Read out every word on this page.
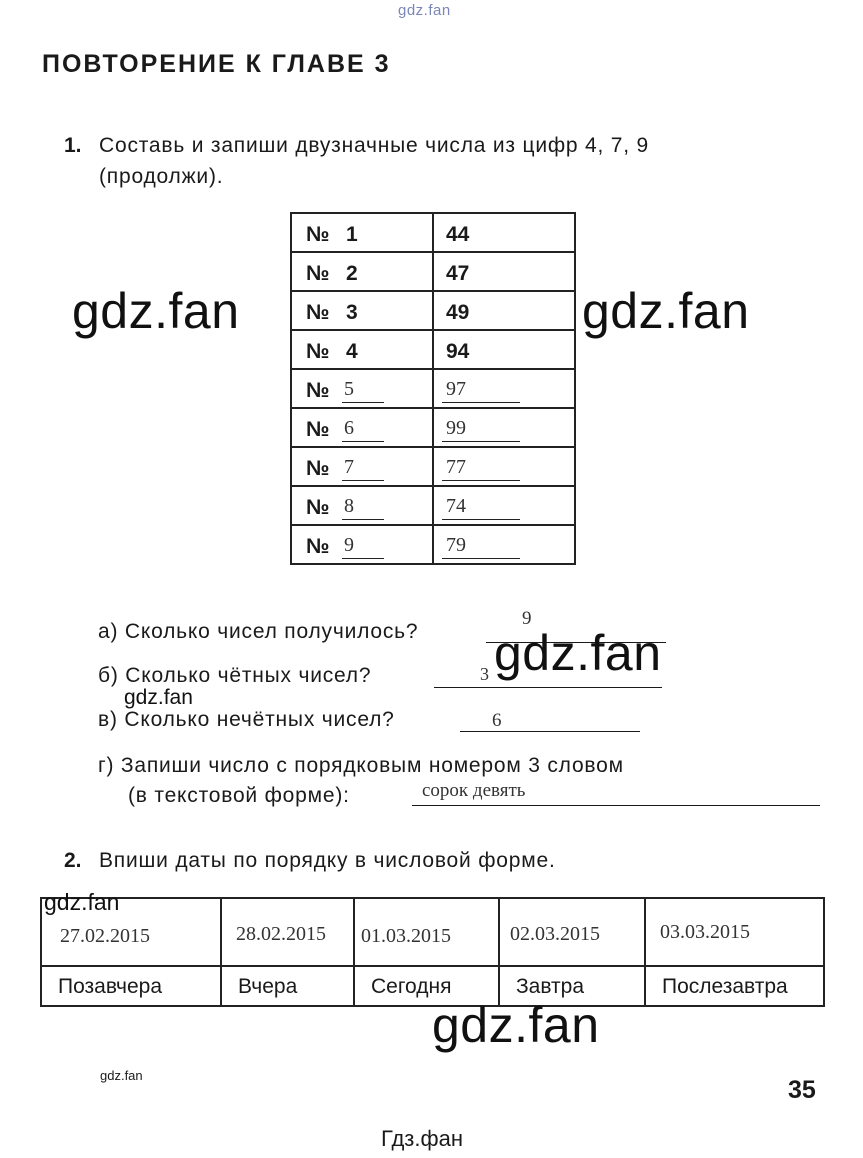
gdz.fan
ПОВТОРЕНИЕ К ГЛАВЕ 3
1. Составь и запиши двузначные числа из цифр 4, 7, 9
(продолжи).
№ 1	44

№ 2	47

№ 3	49

№ 4	94

№ 5	97

№ 6	99

№ 7	77

№ 8	74

№ 9	79
gdz.fan	gdz.fan
а) Сколько чисел получилось?
9
б) Сколько чётных чисел?	3 gdz.fan
gdz.fan
в) Сколько нечётных чисел?	6
г) Запиши число с порядковым номером 3 словом
(в текстовой форме):	сорок девять
2. Впиши даты по порядку в числовой форме.
27.02.2015	28.02.2015	01.03.2015	02.03.2015	03.03.2015

Позавчера	Вчера	Сегодня	Завтра	Послезавтра
gdz.fan
gdz.fan
gdz.fan
35
Гдз.фан
